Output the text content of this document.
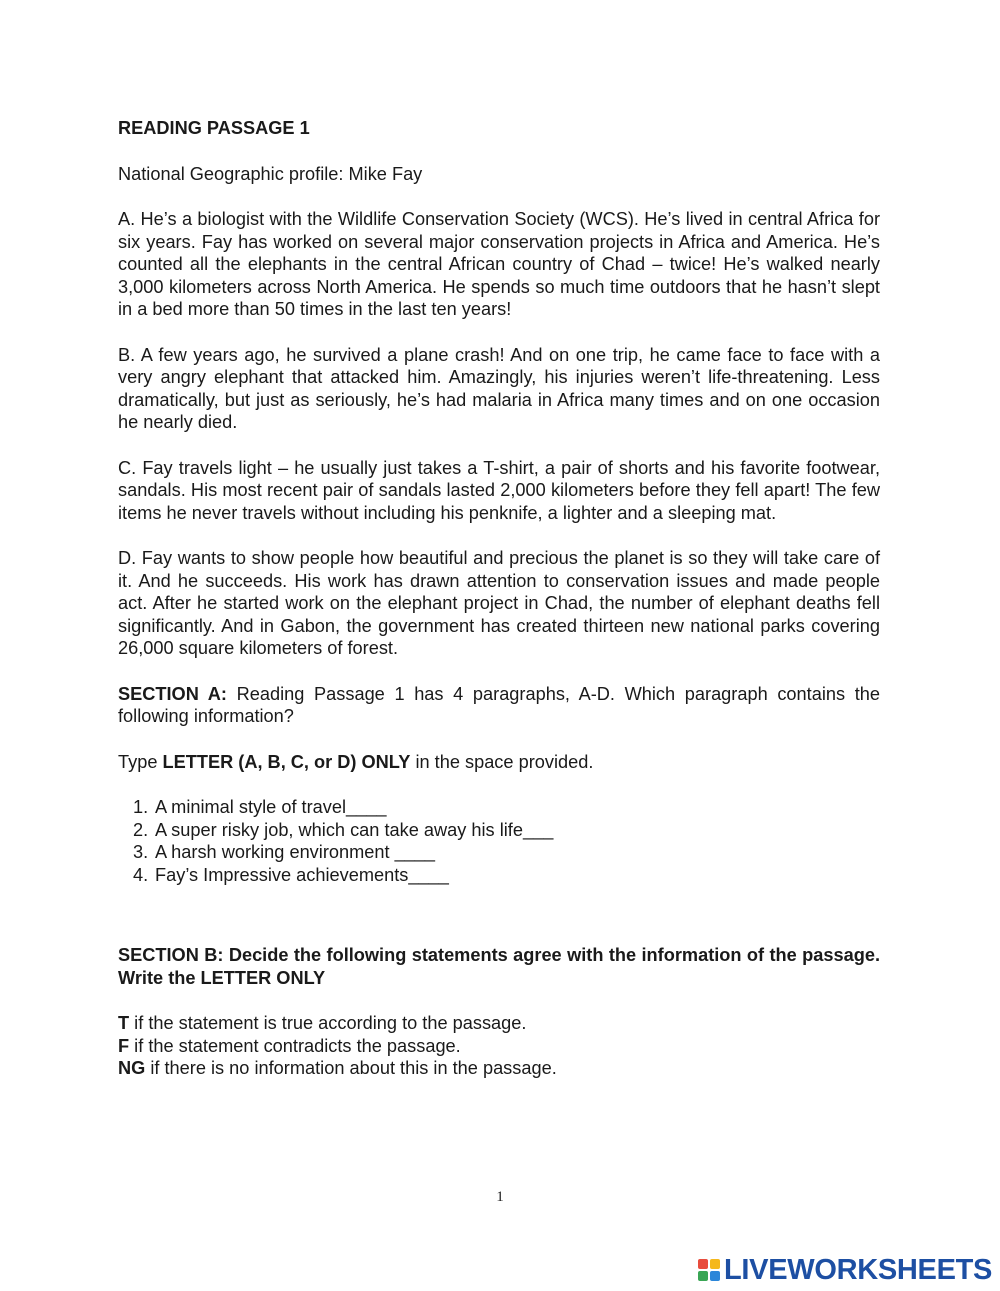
READING PASSAGE 1

National Geographic profile: Mike Fay

A. He’s a biologist with the Wildlife Conservation Society (WCS). He’s lived in central Africa for six years. Fay has worked on several major conservation projects in Africa and America. He’s counted all the elephants in the central African country of Chad – twice! He’s walked nearly 3,000 kilometers across North America. He spends so much time outdoors that he hasn’t slept in a bed more than 50 times in the last ten years!

B. A few years ago, he survived a plane crash! And on one trip, he came face to face with a very angry elephant that attacked him. Amazingly, his injuries weren’t life-threatening. Less dramatically, but just as seriously, he’s had malaria in Africa many times and on one occasion he nearly died.

C. Fay travels light – he usually just takes a T-shirt, a pair of shorts and his favorite footwear, sandals. His most recent pair of sandals lasted 2,000 kilometers before they fell apart! The few items he never travels without including his penknife, a lighter and a sleeping mat.

D. Fay wants to show people how beautiful and precious the planet is so they will take care of it. And he succeeds. His work has drawn attention to conservation issues and made people act. After he started work on the elephant project in Chad, the number of elephant deaths fell significantly. And in Gabon, the government has created thirteen new national parks covering 26,000 square kilometers of forest.

SECTION A: Reading Passage 1 has 4 paragraphs, A-D. Which paragraph contains the following information?

Type LETTER (A, B, C, or D) ONLY in the space provided.

A minimal style of travel____
A super risky job, which can take away his life___
A harsh working environment ____
Fay’s Impressive achievements____

SECTION B: Decide the following statements agree with the information of the passage. Write the LETTER ONLY

T if the statement is true according to the passage.

F if the statement contradicts the passage.

NG if there is no information about this in the passage.

1
LIVEWORKSHEETS
